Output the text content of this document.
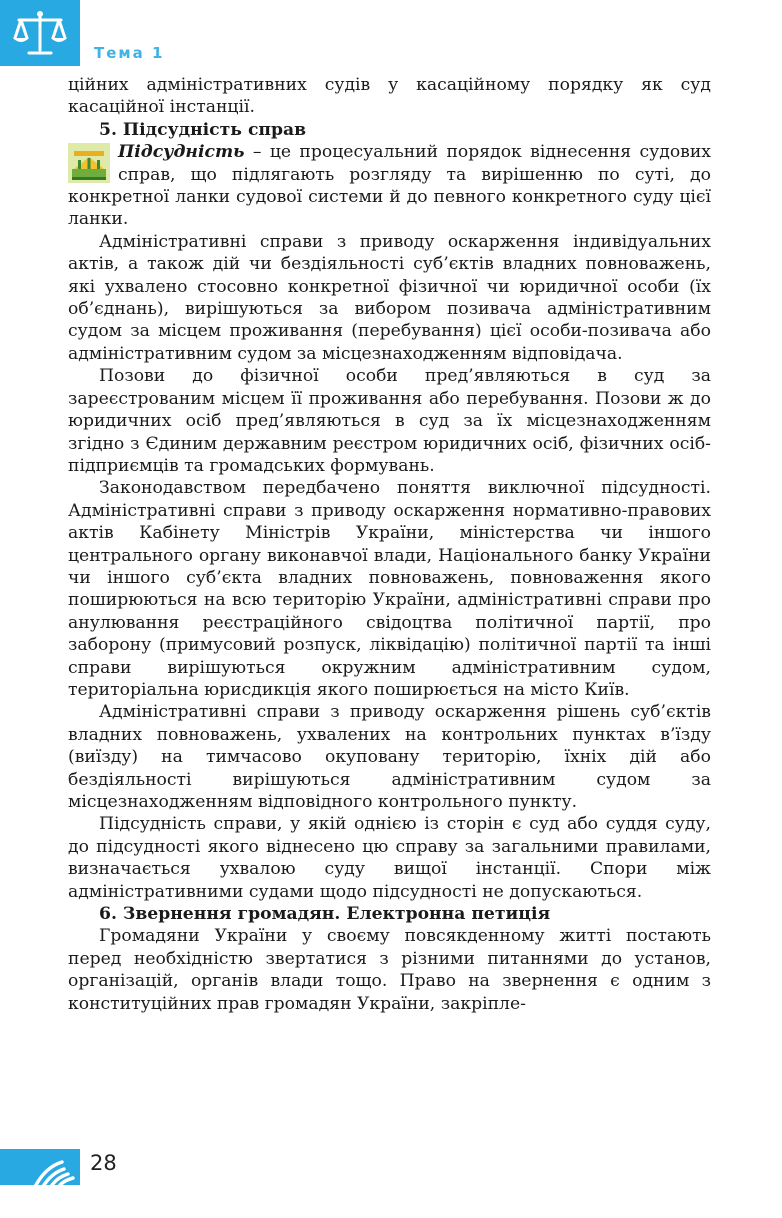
Тема 1

ційних адміністративних судів у касаційному порядку як суд касаційної інстанції.

5. Підсудність справ

Підсудність – це процесуальний порядок віднесення судових справ, що підлягають розгляду та вирішенню по суті, до конкретної ланки судової системи й до певного конкретного суду цієї ланки.

Адміністративні справи з приводу оскарження індивідуальних актів, а також дій чи бездіяльності суб’єктів владних повноважень, які ухвалено стосовно конкретної фізичної чи юридичної особи (їх об’єднань), вирішуються за вибором позивача адміністративним судом за місцем проживання (перебування) цієї особи-позивача або адміністративним судом за місцезнаходженням відповідача.

Позови до фізичної особи пред’являються в суд за зареєстрованим місцем її проживання або перебування. Позови ж до юридичних осіб пред’являються в суд за їх місцезнаходженням згідно з Єдиним державним реєстром юридичних осіб, фізичних осіб-підприємців та громадських формувань.

Законодавством передбачено поняття виключної підсудності. Адміністративні справи з приводу оскарження нормативно-правових актів Кабінету Міністрів України, міністерства чи іншого центрального органу виконавчої влади, Національного банку України чи іншого суб’єкта владних повноважень, повноваження якого поширюються на всю територію України, адміністративні справи про анулювання реєстраційного свідоцтва політичної партії, про заборону (примусовий розпуск, ліквідацію) політичної партії та інші справи вирішуються окружним адміністративним судом, територіальна юрисдикція якого поширюється на місто Київ.

Адміністративні справи з приводу оскарження рішень суб’єктів владних повноважень, ухвалених на контрольних пунктах в’їзду (виїзду) на тимчасово окуповану територію, їхніх дій або бездіяльності вирішуються адміністративним судом за місцезнаходженням відповідного контрольного пункту.

Підсудність справи, у якій однією із сторін є суд або суддя суду, до підсудності якого віднесено цю справу за загальними правилами, визначається ухвалою суду вищої інстанції. Спори між адміністративними судами щодо підсудності не допускаються.

6. Звернення громадян. Електронна петиція

Громадяни України у своєму повсякденному житті постають перед необхідністю звертатися з різними питаннями до установ, організацій, органів влади тощо. Право на звернення є одним з конституційних прав громадян України, закріпле-

28
